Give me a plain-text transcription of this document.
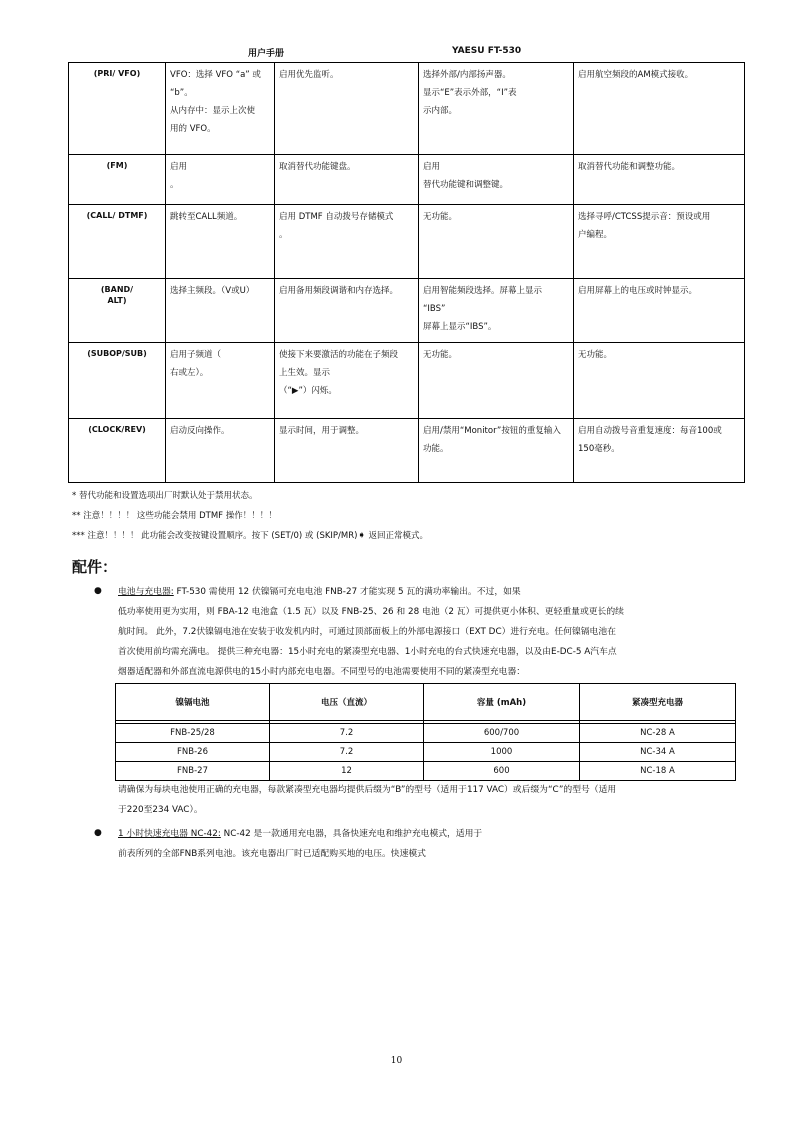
用户手册	YAESU FT-530
(PRI/ VFO)	VFO：选择 VFO “a” 或
“b”。
从内存中：显示上次使
用的 VFO。	启用优先监听。	选择外部/内部扬声器。
显示“E”表示外部，“I”表
示内部。	启用航空频段的AM模式接收。

(FM)	启用
。	取消替代功能键盘。	启用
替代功能键和调整键。	取消替代功能和调整功能。

(CALL/ DTMF)	跳转至CALL频道。	启用 DTMF 自动拨号存储模式
。	无功能。	选择寻呼/CTCSS提示音：预设或用
户编程。

(BAND/
ALT)	选择主频段。（V或U）	启用备用频段调谐和内存选择。	启用智能频段选择。屏幕上显示
“IBS”
屏幕上显示“IBS”。	启用屏幕上的电压或时钟显示。

(SUBOP/SUB)	启用子频道（
右或左）。	使接下来要激活的功能在子频段
上生效。显示
（“▶”）闪烁。	无功能。	无功能。

(CLOCK/REV)	启动反向操作。	显示时间，用于调整。	启用/禁用“Monitor”按钮的重复输入
功能。	启用自动拨号音重复速度：每音100或
150毫秒。
* 替代功能和设置选项出厂时默认处于禁用状态。
** 注意！！！！ 这些功能会禁用 DTMF 操作！！！！
*** 注意！！！！ 此功能会改变按键设置顺序。按下 (SET/0) 或 (SKIP/MR)➧ 返回正常模式。
配件：
● 电池与充电器: FT-530 需使用 12 伏镍镉可充电电池 FNB-27 才能实现 5 瓦的满功率输出。不过，如果
低功率使用更为实用，则 FBA-12 电池盒（1.5 瓦）以及 FNB-25、26 和 28 电池（2 瓦）可提供更小体积、更轻重量或更长的续
航时间。 此外，7.2伏镍镉电池在安装于收发机内时，可通过顶部面板上的外部电源接口（EXT DC）进行充电。任何镍镉电池在
首次使用前均需充满电。 提供三种充电器：15小时充电的紧凑型充电器、1小时充电的台式快速充电器，以及由E-DC-5 A汽车点
烟器适配器和外部直流电源供电的15小时内部充电电器。不同型号的电池需要使用不同的紧凑型充电器：
镍镉电池	电压（直流）	容量 (mAh)	紧凑型充电器

FNB-25/28	7.2	600/700	NC-28 A
FNB-26	7.2	1000	NC-34 A
FNB-27	12	600	NC-18 A
请确保为每块电池使用正确的充电器，每款紧凑型充电器均提供后缀为“B”的型号（适用于117 VAC）或后缀为“C”的型号（适用
于220至234 VAC）。
● 1 小时快速充电器 NC-42: NC-42 是一款通用充电器，具备快速充电和维护充电模式，适用于
前表所列的全部FNB系列电池。该充电器出厂时已适配购买地的电压。快速模式
10
